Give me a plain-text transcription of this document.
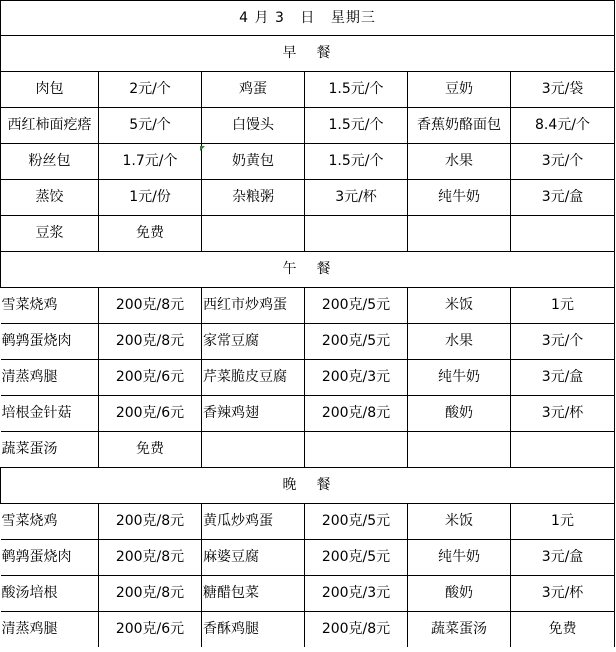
4 月 3 日 星期三					
早 餐					
肉包	2元/个	鸡蛋	1.5元/个	豆奶	3元/袋
西红柿面疙瘩	5元/个	白馒头	1.5元/个	香蕉奶酪面包	8.4元/个
粉丝包	1.7元/个	奶黄包	1.5元/个	水果	3元/个
蒸饺	1元/份	杂粮粥	3元/杯	纯牛奶	3元/盒
豆浆	免费				
午 餐					
雪菜烧鸡	200克/8元	西红市炒鸡蛋	200克/5元	米饭	1元
鹌鹑蛋烧肉	200克/8元	家常豆腐	200克/5元	水果	3元/个
清蒸鸡腿	200克/6元	芹菜脆皮豆腐	200克/3元	纯牛奶	3元/盒
培根金针菇	200克/6元	香辣鸡翅	200克/8元	酸奶	3元/杯
蔬菜蛋汤	免费				
晚 餐					
雪菜烧鸡	200克/8元	黄瓜炒鸡蛋	200克/5元	米饭	1元
鹌鹑蛋烧肉	200克/8元	麻婆豆腐	200克/5元	纯牛奶	3元/盒
酸汤培根	200克/8元	糖醋包菜	200克/3元	酸奶	3元/杯
清蒸鸡腿	200克/6元	香酥鸡腿	200克/8元	蔬菜蛋汤	免费
